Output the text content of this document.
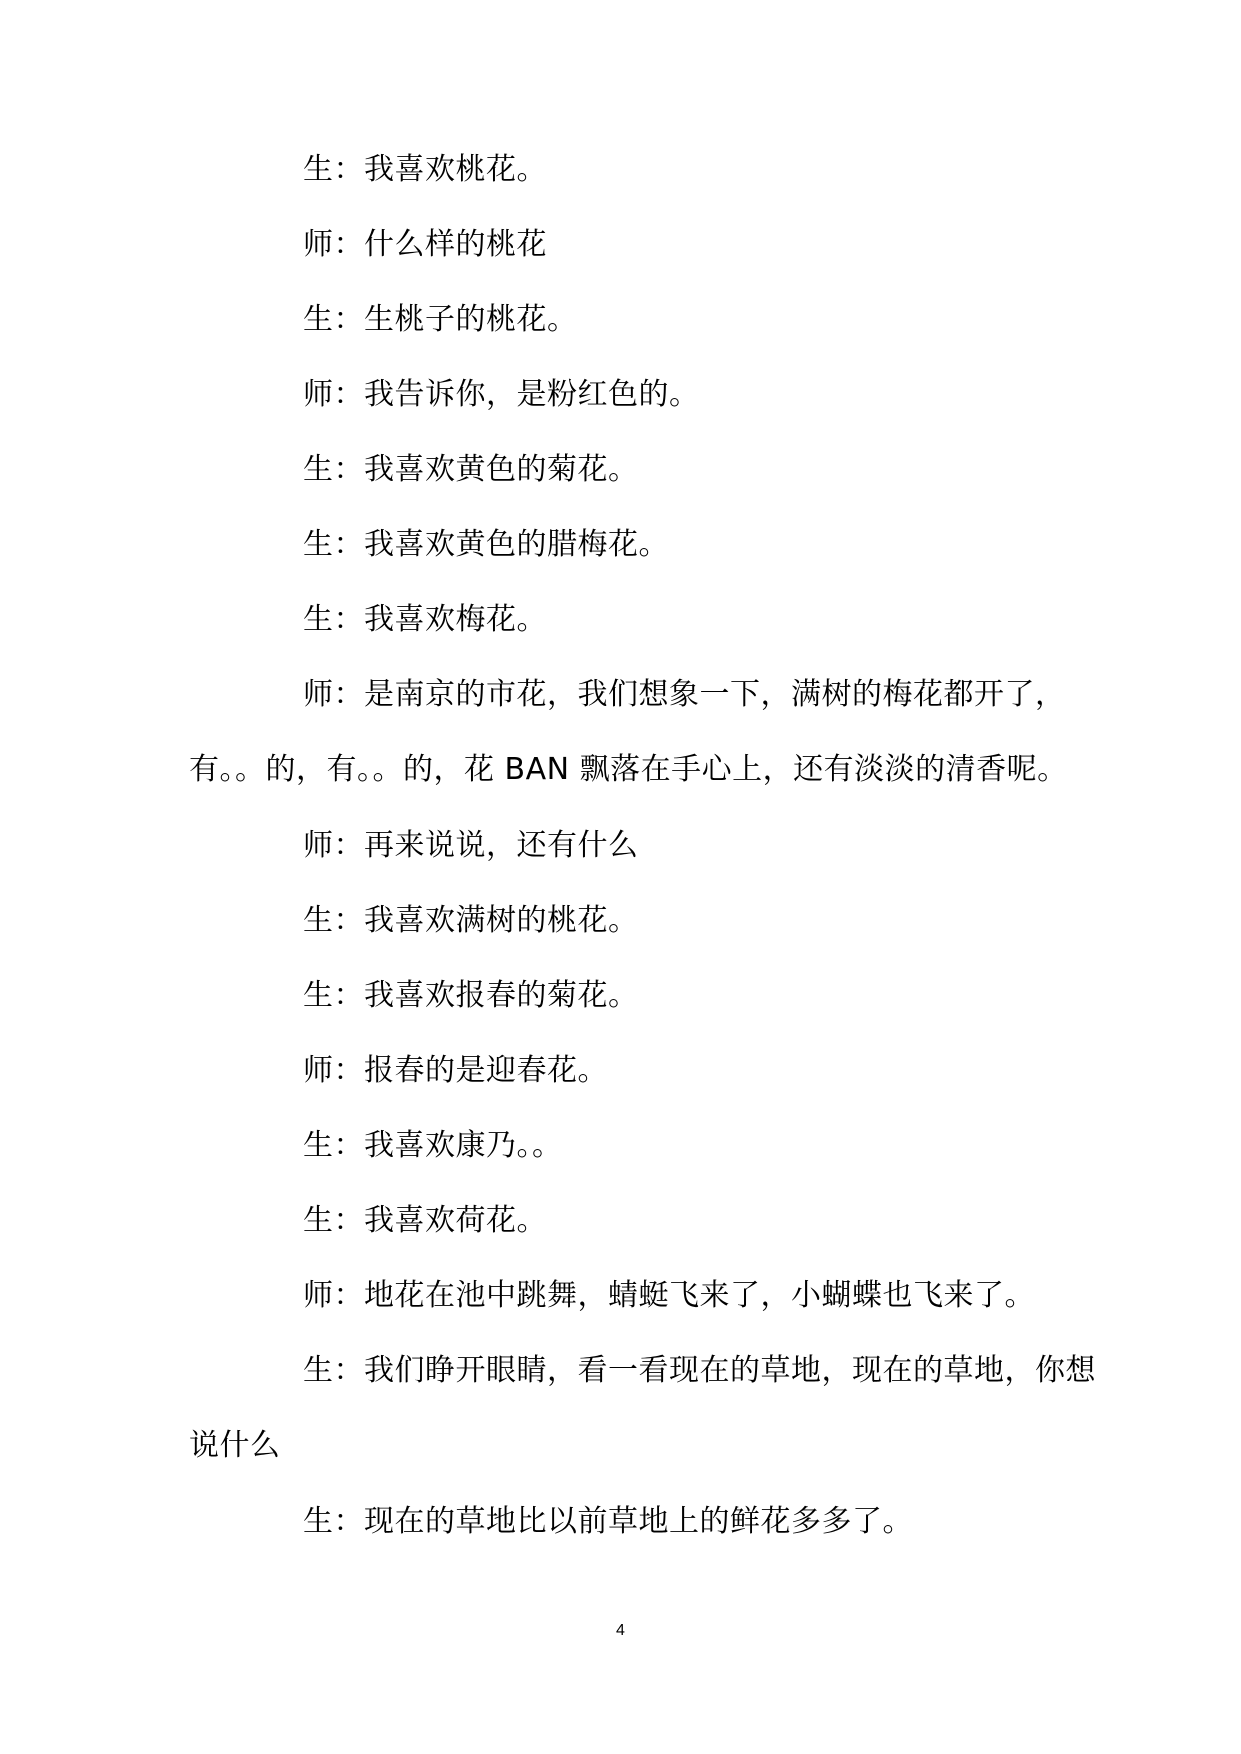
生：我喜欢桃花。
师：什么样的桃花
生：生桃子的桃花。
师：我告诉你，是粉红色的。
生：我喜欢黄色的菊花。
生：我喜欢黄色的腊梅花。
生：我喜欢梅花。
师：是南京的市花，我们想象一下，满树的梅花都开了，
有。。的，有。。的，花 BAN 飘落在手心上，还有淡淡的清香呢。
师：再来说说，还有什么
生：我喜欢满树的桃花。
生：我喜欢报春的菊花。
师：报春的是迎春花。
生：我喜欢康乃。。
生：我喜欢荷花。
师：地花在池中跳舞，蜻蜓飞来了，小蝴蝶也飞来了。
生：我们睁开眼睛，看一看现在的草地，现在的草地，你想
说什么
生：现在的草地比以前草地上的鲜花多多了。
4
